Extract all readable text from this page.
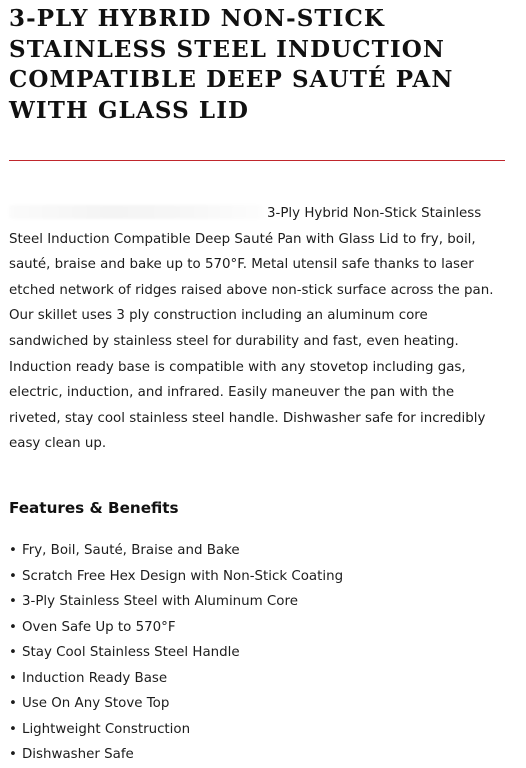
3-PLY HYBRID NON-STICK STAINLESS STEEL INDUCTION COMPATIBLE DEEP SAUTÉ PAN WITH GLASS LID

3-Ply Hybrid Non-Stick Stainless Steel Induction Compatible Deep Sauté Pan with Glass Lid to fry, boil, sauté, braise and bake up to 570°F. Metal utensil safe thanks to laser etched network of ridges raised above non-stick surface across the pan. Our skillet uses 3 ply construction including an aluminum core sandwiched by stainless steel for durability and fast, even heating. Induction ready base is compatible with any stovetop including gas, electric, induction, and infrared. Easily maneuver the pan with the riveted, stay cool stainless steel handle. Dishwasher safe for incredibly easy clean up.

Features & Benefits
• Fry, Boil, Sauté, Braise and Bake
• Scratch Free Hex Design with Non-Stick Coating
• 3-Ply Stainless Steel with Aluminum Core
• Oven Safe Up to 570°F
• Stay Cool Stainless Steel Handle
• Induction Ready Base
• Use On Any Stove Top
• Lightweight Construction
• Dishwasher Safe
